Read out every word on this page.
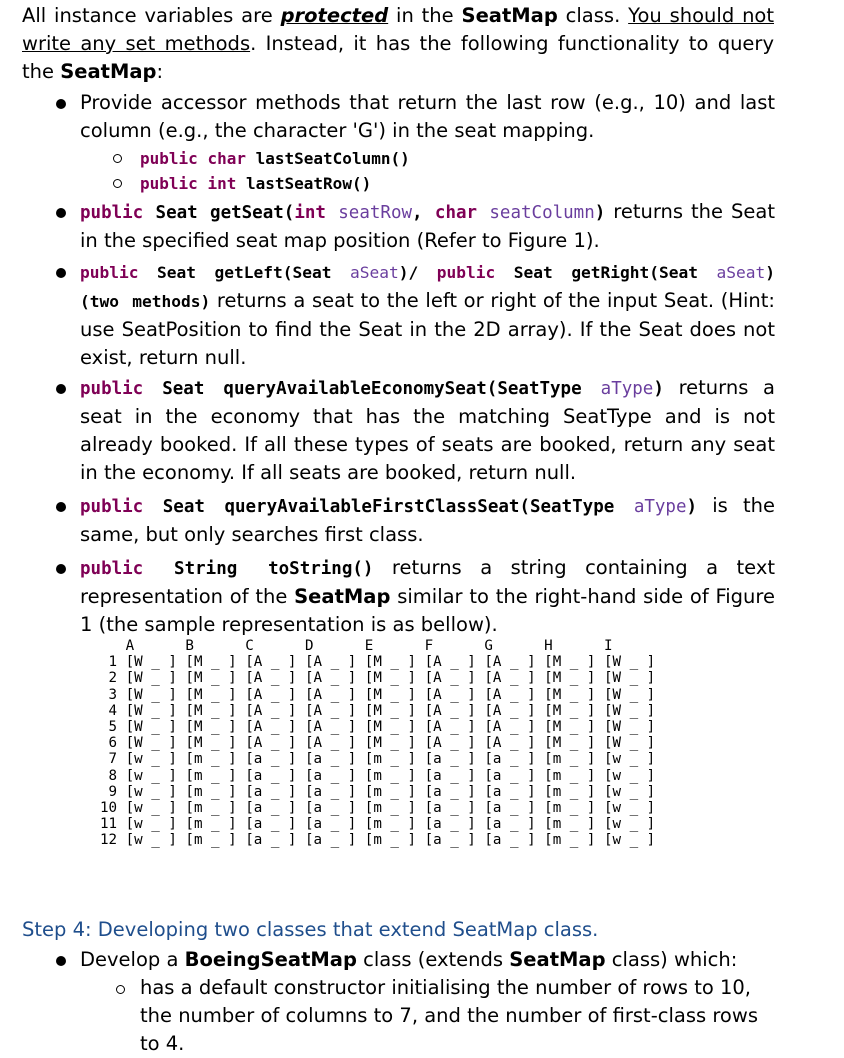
All instance variables are protected in the SeatMap class. You should not write any set methods. Instead, it has the following functionality to query the SeatMap:
Provide accessor methods that return the last row (e.g., 10) and last column (e.g., the character 'G') in the seat mapping.
public char lastSeatColumn()
public int lastSeatRow()
public Seat getSeat(int seatRow, char seatColumn) returns the Seat in the specified seat map position (Refer to Figure 1).
public Seat getLeft(Seat aSeat)/ public Seat getRight(Seat aSeat) (two methods) returns a seat to the left or right of the input Seat. (Hint: use SeatPosition to find the Seat in the 2D array). If the Seat does not exist, return null.
public Seat queryAvailableEconomySeat(SeatType aType) returns a seat in the economy that has the matching SeatType and is not already booked. If all these types of seats are booked, return any seat in the economy. If all seats are booked, return null.
public Seat queryAvailableFirstClassSeat(SeatType aType) is the same, but only searches first class.
public String toString() returns a string containing a text representation of the SeatMap similar to the right-hand side of Figure 1 (the sample representation is as bellow).
A      B      C      D      E      F      G      H      I
1 [W _ ] [M _ ] [A _ ] [A _ ] [M _ ] [A _ ] [A _ ] [M _ ] [W _ ]
2 [W _ ] [M _ ] [A _ ] [A _ ] [M _ ] [A _ ] [A _ ] [M _ ] [W _ ]
3 [W _ ] [M _ ] [A _ ] [A _ ] [M _ ] [A _ ] [A _ ] [M _ ] [W _ ]
4 [W _ ] [M _ ] [A _ ] [A _ ] [M _ ] [A _ ] [A _ ] [M _ ] [W _ ]
5 [W _ ] [M _ ] [A _ ] [A _ ] [M _ ] [A _ ] [A _ ] [M _ ] [W _ ]
6 [W _ ] [M _ ] [A _ ] [A _ ] [M _ ] [A _ ] [A _ ] [M _ ] [W _ ]
7 [w _ ] [m _ ] [a _ ] [a _ ] [m _ ] [a _ ] [a _ ] [m _ ] [w _ ]
8 [w _ ] [m _ ] [a _ ] [a _ ] [m _ ] [a _ ] [a _ ] [m _ ] [w _ ]
9 [w _ ] [m _ ] [a _ ] [a _ ] [m _ ] [a _ ] [a _ ] [m _ ] [w _ ]
10 [w _ ] [m _ ] [a _ ] [a _ ] [m _ ] [a _ ] [a _ ] [m _ ] [w _ ]
11 [w _ ] [m _ ] [a _ ] [a _ ] [m _ ] [a _ ] [a _ ] [m _ ] [w _ ]
12 [w _ ] [m _ ] [a _ ] [a _ ] [m _ ] [a _ ] [a _ ] [m _ ] [w _ ]
Step 4: Developing two classes that extend SeatMap class.
Develop a BoeingSeatMap class (extends SeatMap class) which:
has a default constructor initialising the number of rows to 10, the number of columns to 7, and the number of first-class rows to 4.
